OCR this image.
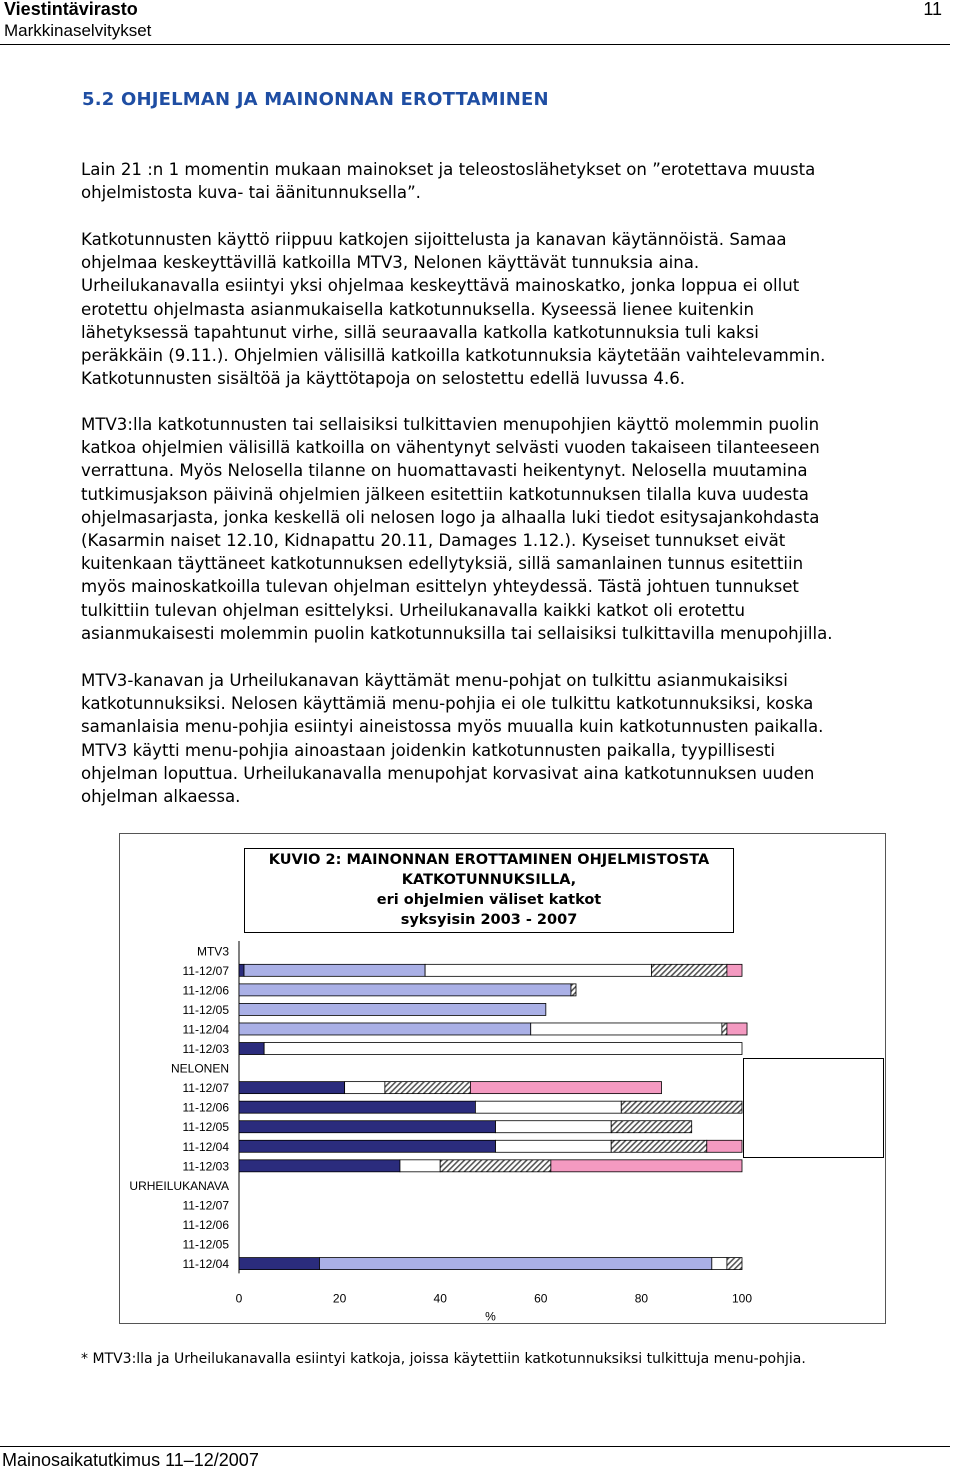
Viestintävirasto
Markkinaselvitykset
11
5.2 OHJELMAN JA MAINONNAN EROTTAMINEN

Lain 21 :n 1 momentin mukaan mainokset ja teleostoslähetykset on ”erotettava muusta
ohjelmistosta kuva- tai äänitunnuksella”.

Katkotunnusten käyttö riippuu katkojen sijoittelusta ja kanavan käytännöistä. Samaa
ohjelmaa keskeyttävillä katkoilla MTV3, Nelonen käyttävät tunnuksia aina.
Urheilukanavalla esiintyi yksi ohjelmaa keskeyttävä mainoskatko, jonka loppua ei ollut
erotettu ohjelmasta asianmukaisella katkotunnuksella. Kyseessä lienee kuitenkin
lähetyksessä tapahtunut virhe, sillä seuraavalla katkolla katkotunnuksia tuli kaksi
peräkkäin (9.11.). Ohjelmien välisillä katkoilla katkotunnuksia käytetään vaihtelevammin.
Katkotunnusten sisältöä ja käyttötapoja on selostettu edellä luvussa 4.6.

MTV3:lla katkotunnusten tai sellaisiksi tulkittavien menupohjien käyttö molemmin puolin
katkoa ohjelmien välisillä katkoilla on vähentynyt selvästi vuoden takaiseen tilanteeseen
verrattuna. Myös Nelosella tilanne on huomattavasti heikentynyt. Nelosella muutamina
tutkimusjakson päivinä ohjelmien jälkeen esitettiin katkotunnuksen tilalla kuva uudesta
ohjelmasarjasta, jonka keskellä oli nelosen logo ja alhaalla luki tiedot esitysajankohdasta
(Kasarmin naiset 12.10, Kidnapattu 20.11, Damages 1.12.). Kyseiset tunnukset eivät
kuitenkaan täyttäneet katkotunnuksen edellytyksiä, sillä samanlainen tunnus esitettiin
myös mainoskatkoilla tulevan ohjelman esittelyn yhteydessä. Tästä johtuen tunnukset
tulkittiin tulevan ohjelman esittelyksi. Urheilukanavalla kaikki katkot oli erotettu
asianmukaisesti molemmin puolin katkotunnuksilla tai sellaisiksi tulkittavilla menupohjilla.

MTV3-kanavan ja Urheilukanavan käyttämät menu-pohjat on tulkittu asianmukaisiksi
katkotunnuksiksi. Nelosen käyttämiä menu-pohjia ei ole tulkittu katkotunnuksiksi, koska
samanlaisia menu-pohjia esiintyi aineistossa myös muualla kuin katkotunnusten paikalla.
MTV3 käytti menu-pohjia ainoastaan joidenkin katkotunnusten paikalla, tyypillisesti
ohjelman loputtua. Urheilukanavalla menupohjat korvasivat aina katkotunnuksen uuden
ohjelman alkaessa.

MTV3
11-12/07
11-12/06
11-12/05
11-12/04
11-12/03
NELONEN
11-12/07
11-12/06
11-12/05
11-12/04
11-12/03
URHEILUKANAVA
11-12/07
11-12/06
11-12/05
11-12/04
0	20	40	60	80	100
%
KUVIO 2: MAINONNAN EROTTAMINEN OHJELMISTOSTA
KATKOTUNNUKSILLA,
eri ohjelmien väliset katkot
syksyisin 2003 - 2007
* MTV3:lla ja Urheilukanavalla esiintyi katkoja, joissa käytettiin katkotunnuksiksi tulkittuja menu-pohjia.
Mainosaikatutkimus 11–12/2007
